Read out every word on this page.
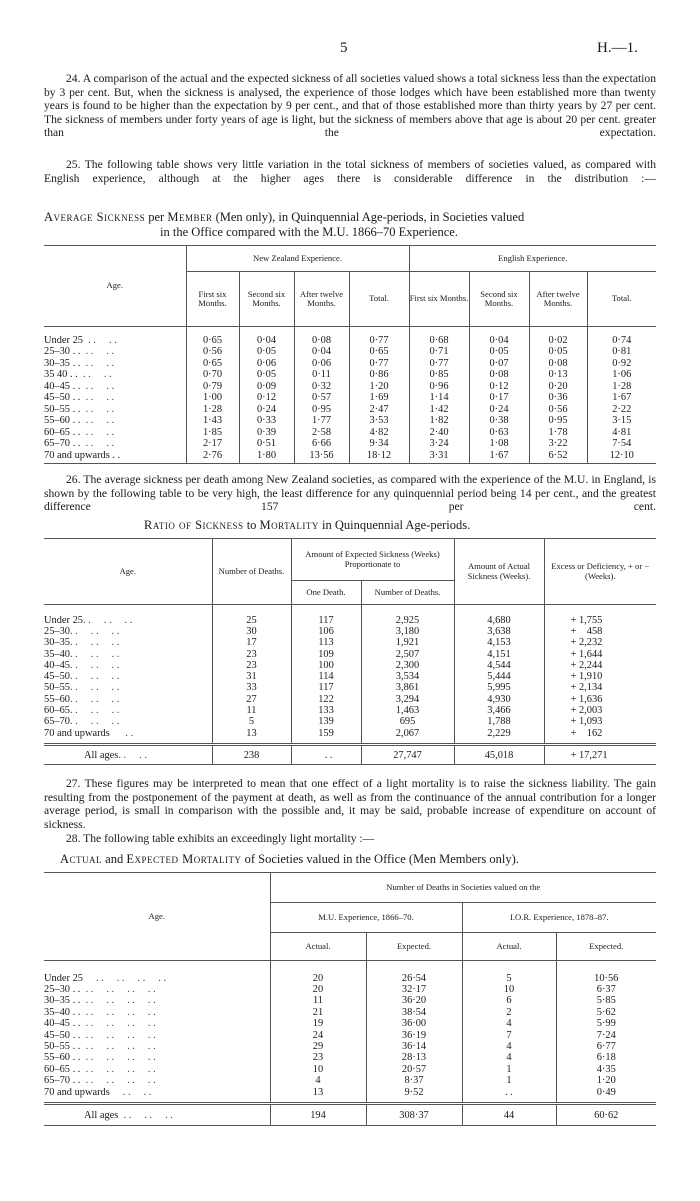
5	H.—1.

24. A comparison of the actual and the expected sickness of all societies valued shows a total sickness less than the expectation by 3 per cent. But, when the sickness is analysed, the experience of those lodges which have been established more than twenty years is found to be higher than the expectation by 9 per cent., and that of those established more than thirty years by 27 per cent. The sickness of members under forty years of age is light, but the sickness of members above that age is about 20 per cent. greater than the expectation.

25. The following table shows very little variation in the total sickness of members of societies valued, as compared with English experience, although at the higher ages there is considerable difference in the distribution :—

Average Sickness per Member (Men only), in Quinquennial Age-periods, in Societies valued
in the Office compared with the M.U. 1866–70 Experience.
Age.	New Zealand Experience.				English Experience.			
	First six Months.	Second six Months.	After twelve Months.	Total.	First six Months.	Second six Months.	After twelve Months.	Total.

Under 25  . .     . .	0·65	0·04	0·08	0·77	0·68	0·04	0·02	0·74
25–30 . .  . .     . .	0·56	0·05	0·04	0·65	0·71	0·05	0·05	0·81
30–35 . .  . .     . .	0·65	0·06	0·06	0·77	0·77	0·07	0·08	0·92
35 40 . .  . .     . .	0·70	0·05	0·11	0·86	0·85	0·08	0·13	1·06
40–45 . .  . .     . .	0·79	0·09	0·32	1·20	0·96	0·12	0·20	1·28
45–50 . .  . .     . .	1·00	0·12	0·57	1·69	1·14	0·17	0·36	1·67
50–55 . .  . .     . .	1·28	0·24	0·95	2·47	1·42	0·24	0·56	2·22
55–60 . .  . .     . .	1·43	0·33	1·77	3·53	1·82	0·38	0·95	3·15
60–65 . .  . .     . .	1·85	0·39	2·58	4·82	2·40	0·63	1·78	4·81
65–70 . .  . .     . .	2·17	0·51	6·66	9·34	3·24	1·08	3·22	7·54
70 and upwards . .	2·76	1·80	13·56	18·12	3·31	1·67	6·52	12·10

26. The average sickness per death among New Zealand societies, as compared with the experience of the M.U. in England, is shown by the following table to be very high, the least difference for any quinquennial period being 14 per cent., and the greatest difference 157 per cent.

Ratio of Sickness to Mortality in Quinquennial Age-periods.
Age.	Number of Deaths.	Amount of Expected Sickness (Weeks) Proportionate to		Amount of Actual Sickness (Weeks).	Excess or Deficiency, + or − (Weeks).
		One Death.	Number of Deaths.		

Under 25. .     . .     . .	25	117	2,925	4,680	+ 1,755
25–30. .     . .     . .	30	106	3,180	3,638	+    458
30–35. .     . .     . .	17	113	1,921	4,153	+ 2,232
35–40. .     . .     . .	23	109	2,507	4,151	+ 1,644
40–45. .     . .     . .	23	100	2,300	4,544	+ 2,244
45–50. .     . .     . .	31	114	3,534	5,444	+ 1,910
50–55. .     . .     . .	33	117	3,861	5,995	+ 2,134
55–60. .     . .     . .	27	122	3,294	4,930	+ 1,636
60–65. .     . .     . .	11	133	1,463	3,466	+ 2,003
65–70. .     . .     . .	5	139	695	1,788	+ 1,093
70 and upwards      . .	13	159	2,067	2,229	+    162

All ages. .     . .	238	. .	27,747	45,018	+ 17,271

27. These figures may be interpreted to mean that one effect of a light mortality is to raise the sickness liability. The gain resulting from the postponement of the payment at death, as well as from the continuance of the annual contribution for a longer average period, is small in comparison with the possible and, it may be said, probable increase of expenditure on account of sickness.

28. The following table exhibits an exceedingly light mortality :—

Actual and Expected Mortality of Societies valued in the Office (Men Members only).
Age.	Number of Deaths in Societies valued on the			
	M.U. Experience, 1866–70.		I.O.R. Experience, 1878–87.	
	Actual.	Expected.	Actual.	Expected.

Under 25     . .     . .     . .     . .	20	26·54	5	10·56
25–30 . .  . .     . .     . .     . .	20	32·17	10	6·37
30–35 . .  . .     . .     . .     . .	11	36·20	6	5·85
35–40 . .  . .     . .     . .     . .	21	38·54	2	5·62
40–45 . .  . .     . .     . .     . .	19	36·00	4	5·99
45–50 . .  . .     . .     . .     . .	24	36·19	7	7·24
50–55 . .  . .     . .     . .     . .	29	36·14	4	6·77
55–60 . .  . .     . .     . .     . .	23	28·13	4	6·18
60–65 . .  . .     . .     . .     . .	10	20·57	1	4·35
65–70 . .  . .     . .     . .     . .	4	8·37	1	1·20
70 and upwards     . .     . .	13	9·52	. .	0·49

All ages  . .     . .     . .	194	308·37	44	60·62
